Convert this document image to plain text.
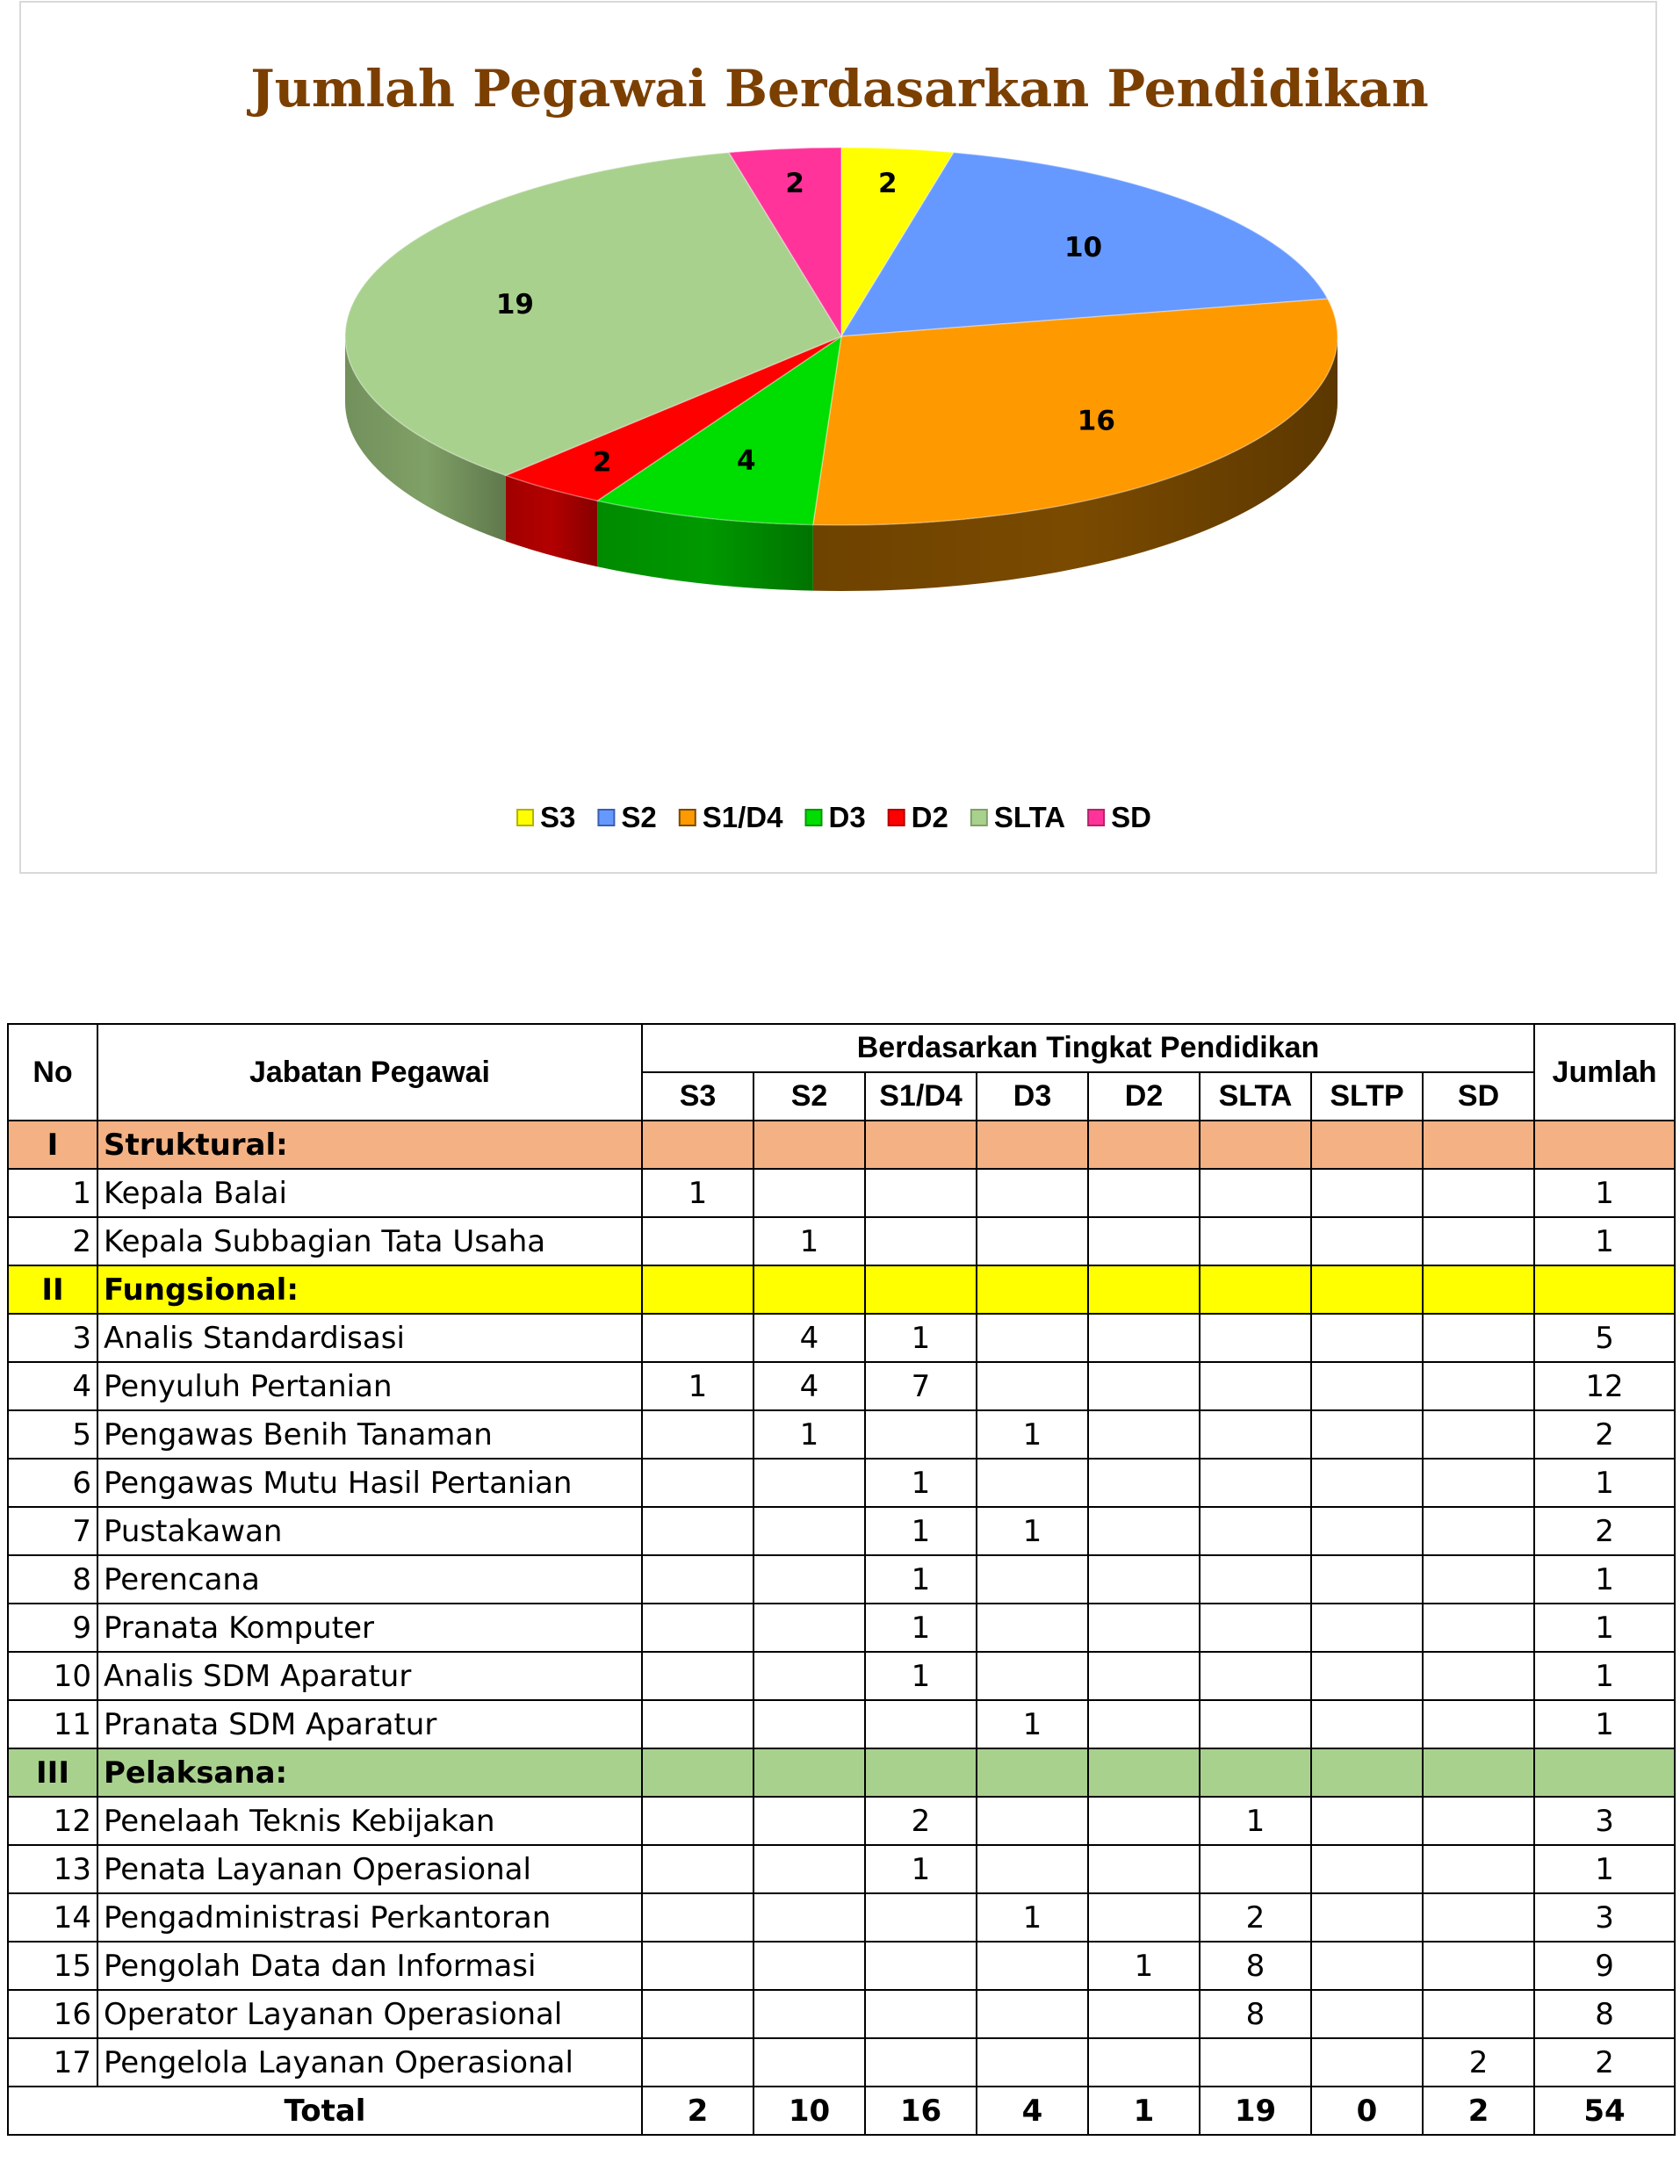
Jumlah Pegawai Berdasarkan Pendidikan
2
10
16
4
2
19
2
S3 S2 S1/D4 D3 D2 SLTA SD
No	Jabatan Pegawai	Berdasarkan Tingkat Pendidikan								Jumlah
		S3	S2	S1/D4	D3	D2	SLTA	SLTP	SD	
I	Struktural:									
1	Kepala Balai	1								1
2	Kepala Subbagian Tata Usaha		1							1
II	Fungsional:									
3	Analis Standardisasi		4	1						5
4	Penyuluh Pertanian	1	4	7						12
5	Pengawas Benih Tanaman		1		1					2
6	Pengawas Mutu Hasil Pertanian			1						1
7	Pustakawan			1	1					2
8	Perencana			1						1
9	Pranata Komputer			1						1
10	Analis SDM Aparatur			1						1
11	Pranata SDM Aparatur				1					1
III	Pelaksana:									
12	Penelaah Teknis Kebijakan			2			1			3
13	Penata Layanan Operasional			1						1
14	Pengadministrasi Perkantoran				1		2			3
15	Pengolah Data dan Informasi					1	8			9
16	Operator Layanan Operasional						8			8
17	Pengelola Layanan Operasional								2	2
Total		2	10	16	4	1	19	0	2	54
